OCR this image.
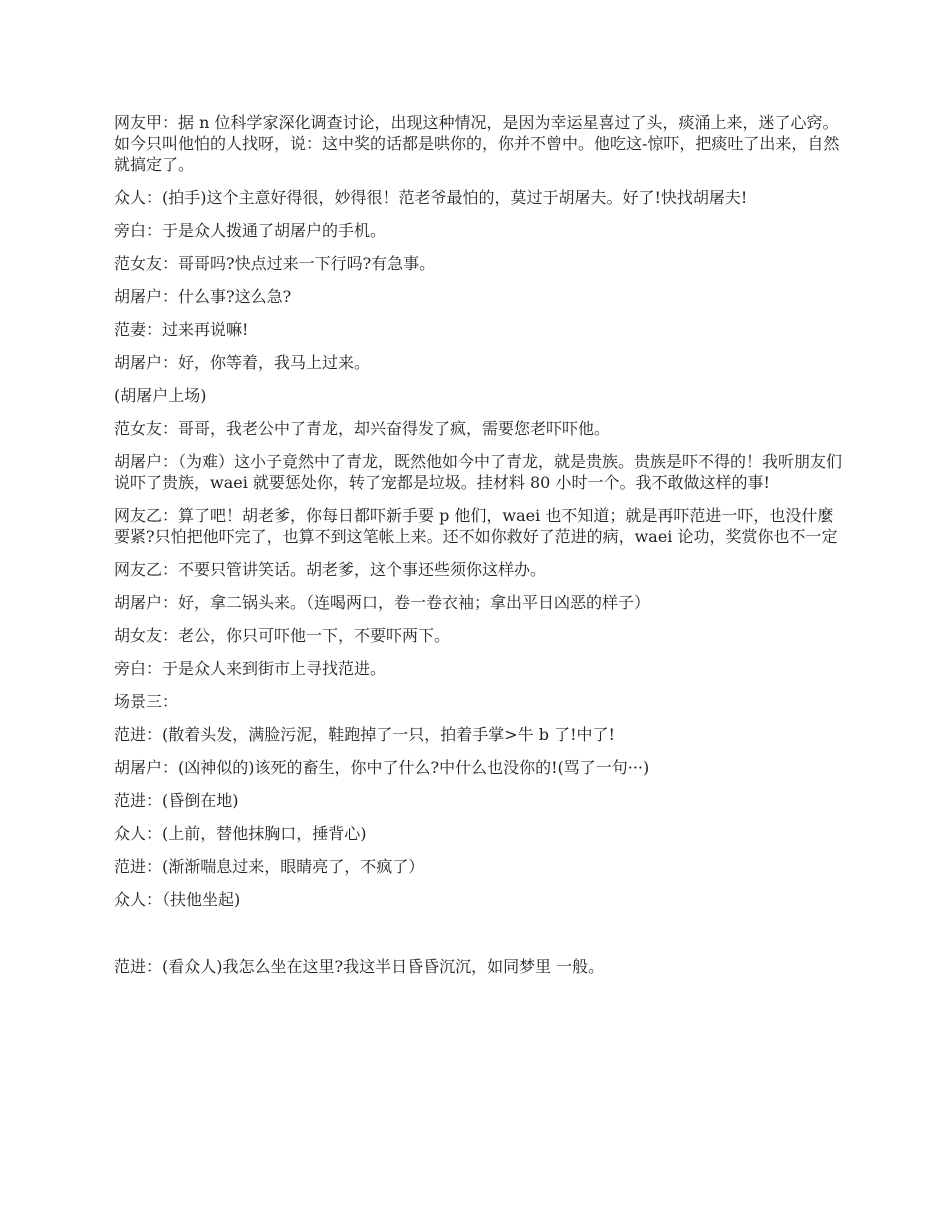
网友甲：据 n 位科学家深化调查讨论，出现这种情况，是因为幸运星喜过了头，痰涌上来，迷了心窍。如今只叫他怕的人找呀，说：这中奖的话都是哄你的，你并不曾中。他吃这-惊吓，把痰吐了出来，自然就搞定了。

众人：(拍手)这个主意好得很，妙得很！范老爷最怕的，莫过于胡屠夫。好了!快找胡屠夫!

旁白：于是众人拨通了胡屠户的手机。

范女友：哥哥吗?快点过来一下行吗?有急事。

胡屠户：什么事?这么急?

范妻：过来再说嘛!

胡屠户：好，你等着，我马上过来。

(胡屠户上场)

范女友：哥哥，我老公中了青龙，却兴奋得发了疯，需要您老吓吓他。

胡屠户：（为难）这小子竟然中了青龙，既然他如今中了青龙，就是贵族。贵族是吓不得的！我听朋友们说吓了贵族，waei 就要惩处你，转了宠都是垃圾。挂材料 80 小时一个。我不敢做这样的事!

网友乙：算了吧！胡老爹，你每日都吓新手要 p 他们，waei 也不知道；就是再吓范进一吓，也没什麼要紧?只怕把他吓完了，也算不到这笔帐上来。还不如你救好了范进的病，waei 论功，奖赏你也不一定

网友乙：不要只管讲笑话。胡老爹，这个事还些须你这样办。

胡屠户：好，拿二锅头来。（连喝两口，卷一卷衣袖；拿出平日凶恶的样子）

胡女友：老公，你只可吓他一下，不要吓两下。

旁白：于是众人来到街市上寻找范进。

场景三：

范进：(散着头发，满脸污泥，鞋跑掉了一只，拍着手掌>牛 b 了!中了!

胡屠户：(凶神似的)该死的畜生，你中了什么?中什么也没你的!(骂了一句···)

范进：(昏倒在地)

众人：(上前，替他抹胸口，捶背心)

范进：(渐渐喘息过来，眼睛亮了，不疯了）

众人：（扶他坐起)

范进：(看众人)我怎么坐在这里?我这半日昏昏沉沉，如同梦里 一般。
